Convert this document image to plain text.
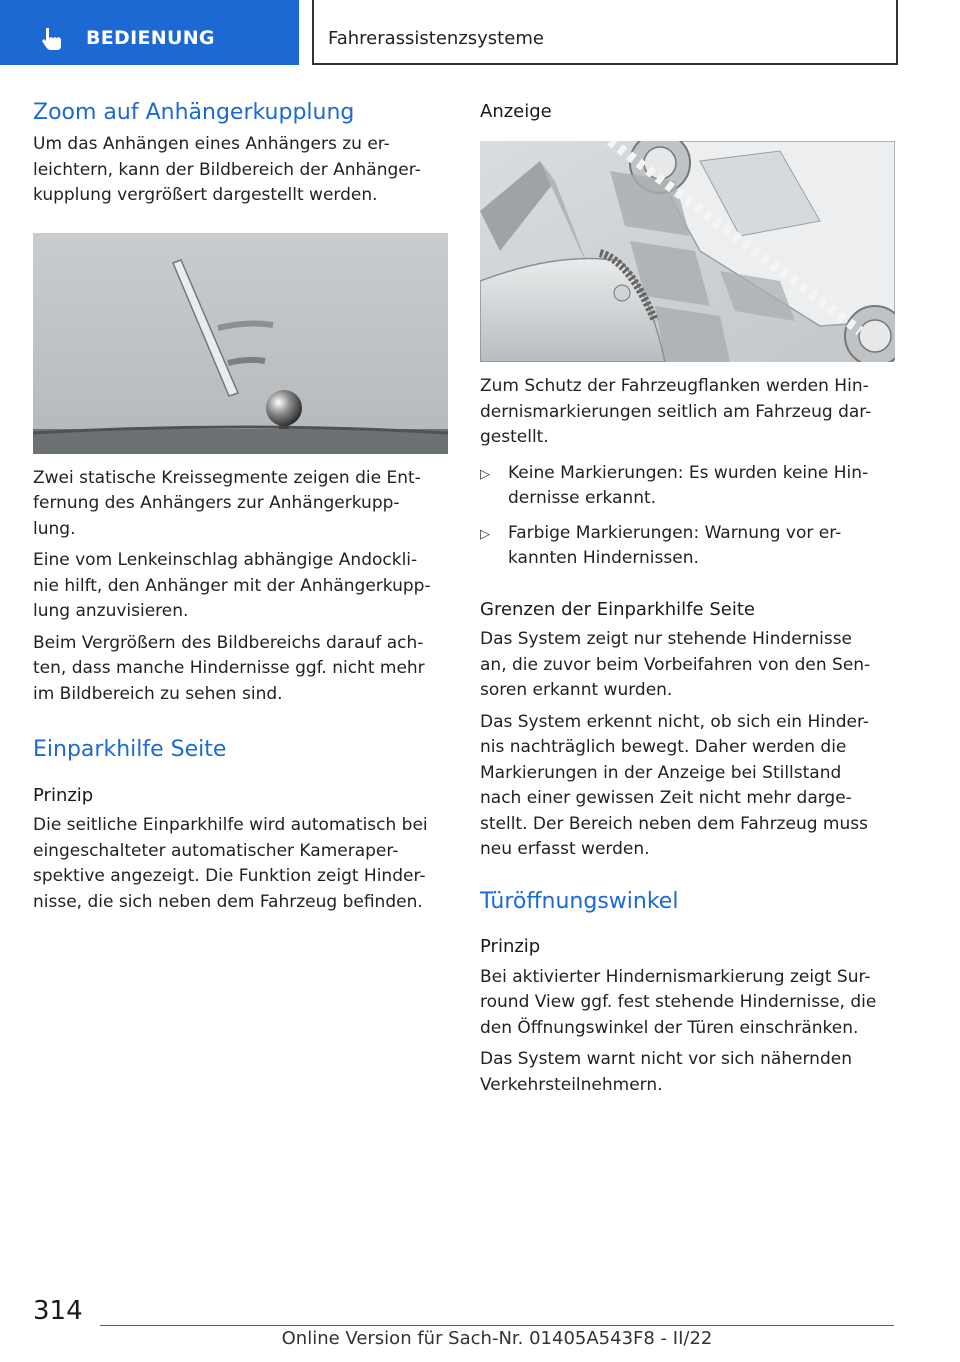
BEDIENUNG	Fahrerassistenzsysteme
Zoom auf Anhängerkupplung

Um das Anhängen eines Anhängers zu er-
leichtern, kann der Bildbereich der Anhänger-
kupplung vergrößert dargestellt werden.

Zwei statische Kreissegmente zeigen die Ent-
fernung des Anhängers zur Anhängerkupp-
lung.

Eine vom Lenkeinschlag abhängige Andockli-
nie hilft, den Anhänger mit der Anhängerkupp-
lung anzuvisieren.

Beim Vergrößern des Bildbereichs darauf ach-
ten, dass manche Hindernisse ggf. nicht mehr
im Bildbereich zu sehen sind.

Einparkhilfe Seite
Prinzip

Die seitliche Einparkhilfe wird automatisch bei
eingeschalteter automatischer Kameraper-
spektive angezeigt. Die Funktion zeigt Hinder-
nisse, die sich neben dem Fahrzeug befinden.

Anzeige

Zum Schutz der Fahrzeugflanken werden Hin-
dernismarkierungen seitlich am Fahrzeug dar-
gestellt.

▷	Keine Markierungen: Es wurden keine Hin-
dernisse erkannt.
▷	Farbige Markierungen: Warnung vor er-
kannten Hindernissen.
Grenzen der Einparkhilfe Seite

Das System zeigt nur stehende Hindernisse
an, die zuvor beim Vorbeifahren von den Sen-
soren erkannt wurden.

Das System erkennt nicht, ob sich ein Hinder-
nis nachträglich bewegt. Daher werden die
Markierungen in der Anzeige bei Stillstand
nach einer gewissen Zeit nicht mehr darge-
stellt. Der Bereich neben dem Fahrzeug muss
neu erfasst werden.

Türöffnungswinkel
Prinzip

Bei aktivierter Hindernismarkierung zeigt Sur-
round View ggf. fest stehende Hindernisse, die
den Öffnungswinkel der Türen einschränken.

Das System warnt nicht vor sich nähernden
Verkehrsteilnehmern.

314
Online Version für Sach-Nr. 01405A543F8 - II/22
